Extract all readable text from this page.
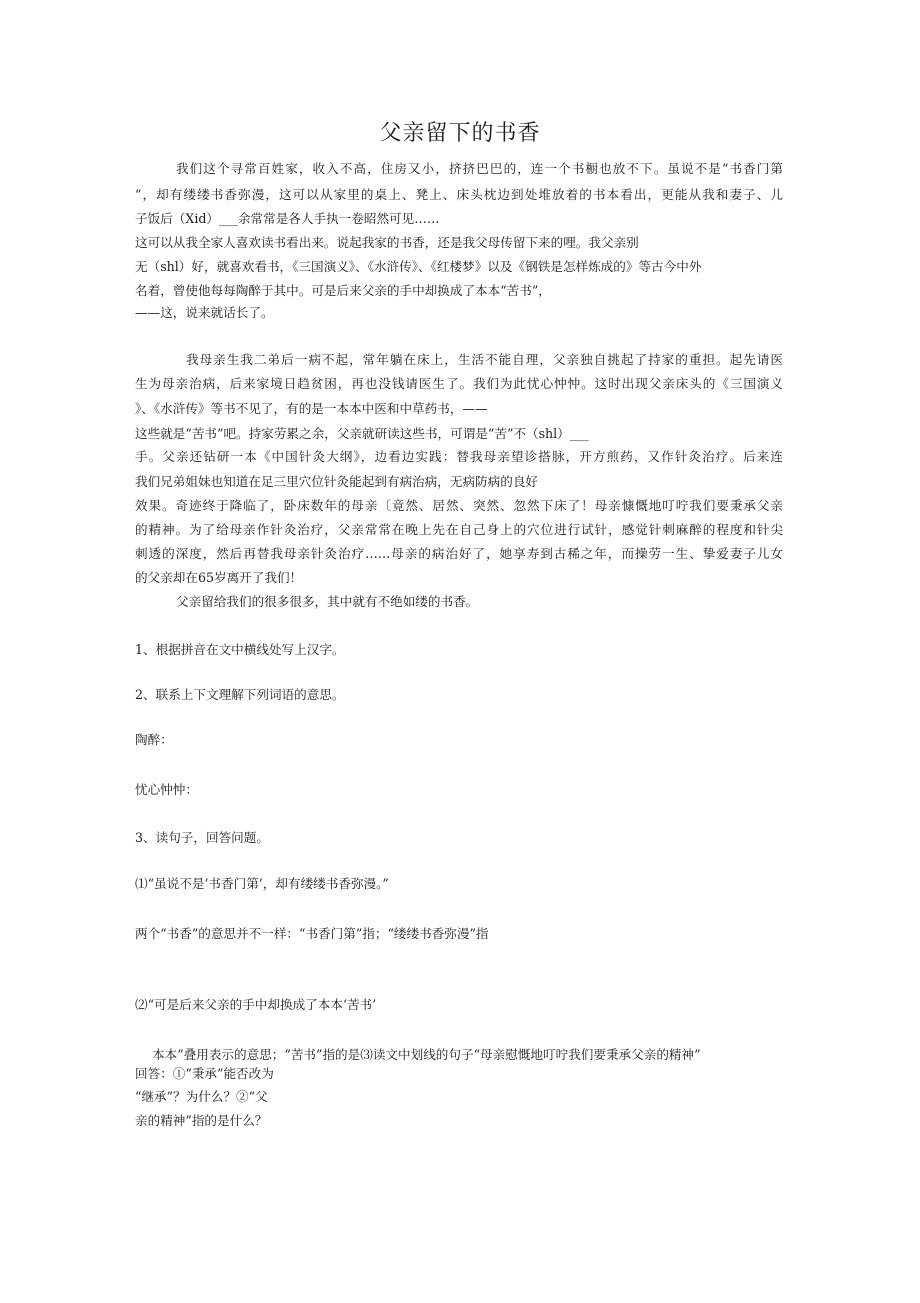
父亲留下的书香
我们这个寻常百姓家，收入不高，住房又小，挤挤巴巴的，连一个书橱也放不下。虽说不是“书香门第
”，却有缕缕书香弥漫，这可以从家里的桌上、凳上、床头枕边到处堆放着的书本看出，更能从我和妻子、儿
子饭后（Xid）___余常常是各人手执一卷昭然可见……
这可以从我全家人喜欢读书看出来。说起我家的书香，还是我父母传留下来的哩。我父亲别
无（shl）好，就喜欢看书，《三国演义》、《水浒传》、《红楼梦》以及《钢铁是怎样炼成的》等古今中外
名着，曾使他每每陶醉于其中。可是后来父亲的手中却换成了本本“苦书”，
——这，说来就话长了。
我母亲生我二弟后一病不起，常年躺在床上，生活不能自理，父亲独自挑起了持家的重担。起先请医
生为母亲治病，后来家境日趋贫困，再也没钱请医生了。我们为此忧心忡忡。这时出现父亲床头的《三国演义
》、《水浒传》等书不见了，有的是一本本中医和中草药书，——
这些就是“苦书”吧。持家劳累之余，父亲就研读这些书，可谓是“苦”不（shl）___
手。父亲还钻研一本《中国针灸大纲》，边看边实践：替我母亲望诊搭脉，开方煎药，又作针灸治疗。后来连
我们兄弟姐妹也知道在足三里穴位针灸能起到有病治病，无病防病的良好
效果。奇迹终于降临了，卧床数年的母亲〔竟然、居然、突然、忽然下床了！母亲慷慨地叮咛我们要秉承父亲
的精神。为了给母亲作针灸治疗，父亲常常在晚上先在自己身上的穴位进行试针，感觉针刺麻醉的程度和针尖
刺透的深度，然后再替我母亲针灸治疗……母亲的病治好了，她享寿到古稀之年，而操劳一生、挚爱妻子儿女
的父亲却在65岁离开了我们！
父亲留给我们的很多很多，其中就有不绝如缕的书香。
1、根据拼音在文中横线处写上汉字。
2、联系上下文理解下列词语的意思。
陶醉：
忧心忡忡：
3、读句子，回答问题。
⑴“虽说不是‘书香门第’，却有缕缕书香弥漫。”
两个“书香”的意思并不一样：“书香门第”指；“缕缕书香弥漫”指
⑵“可是后来父亲的手中却换成了本本‘苦书’
本本”叠用表示的意思；“苦书”指的是⑶读文中划线的句子“母亲慰慨地叮咛我们要秉承父亲的精神”
回答：①“秉承”能否改为
“继承”？为什么？②“父
亲的精神”指的是什么？
